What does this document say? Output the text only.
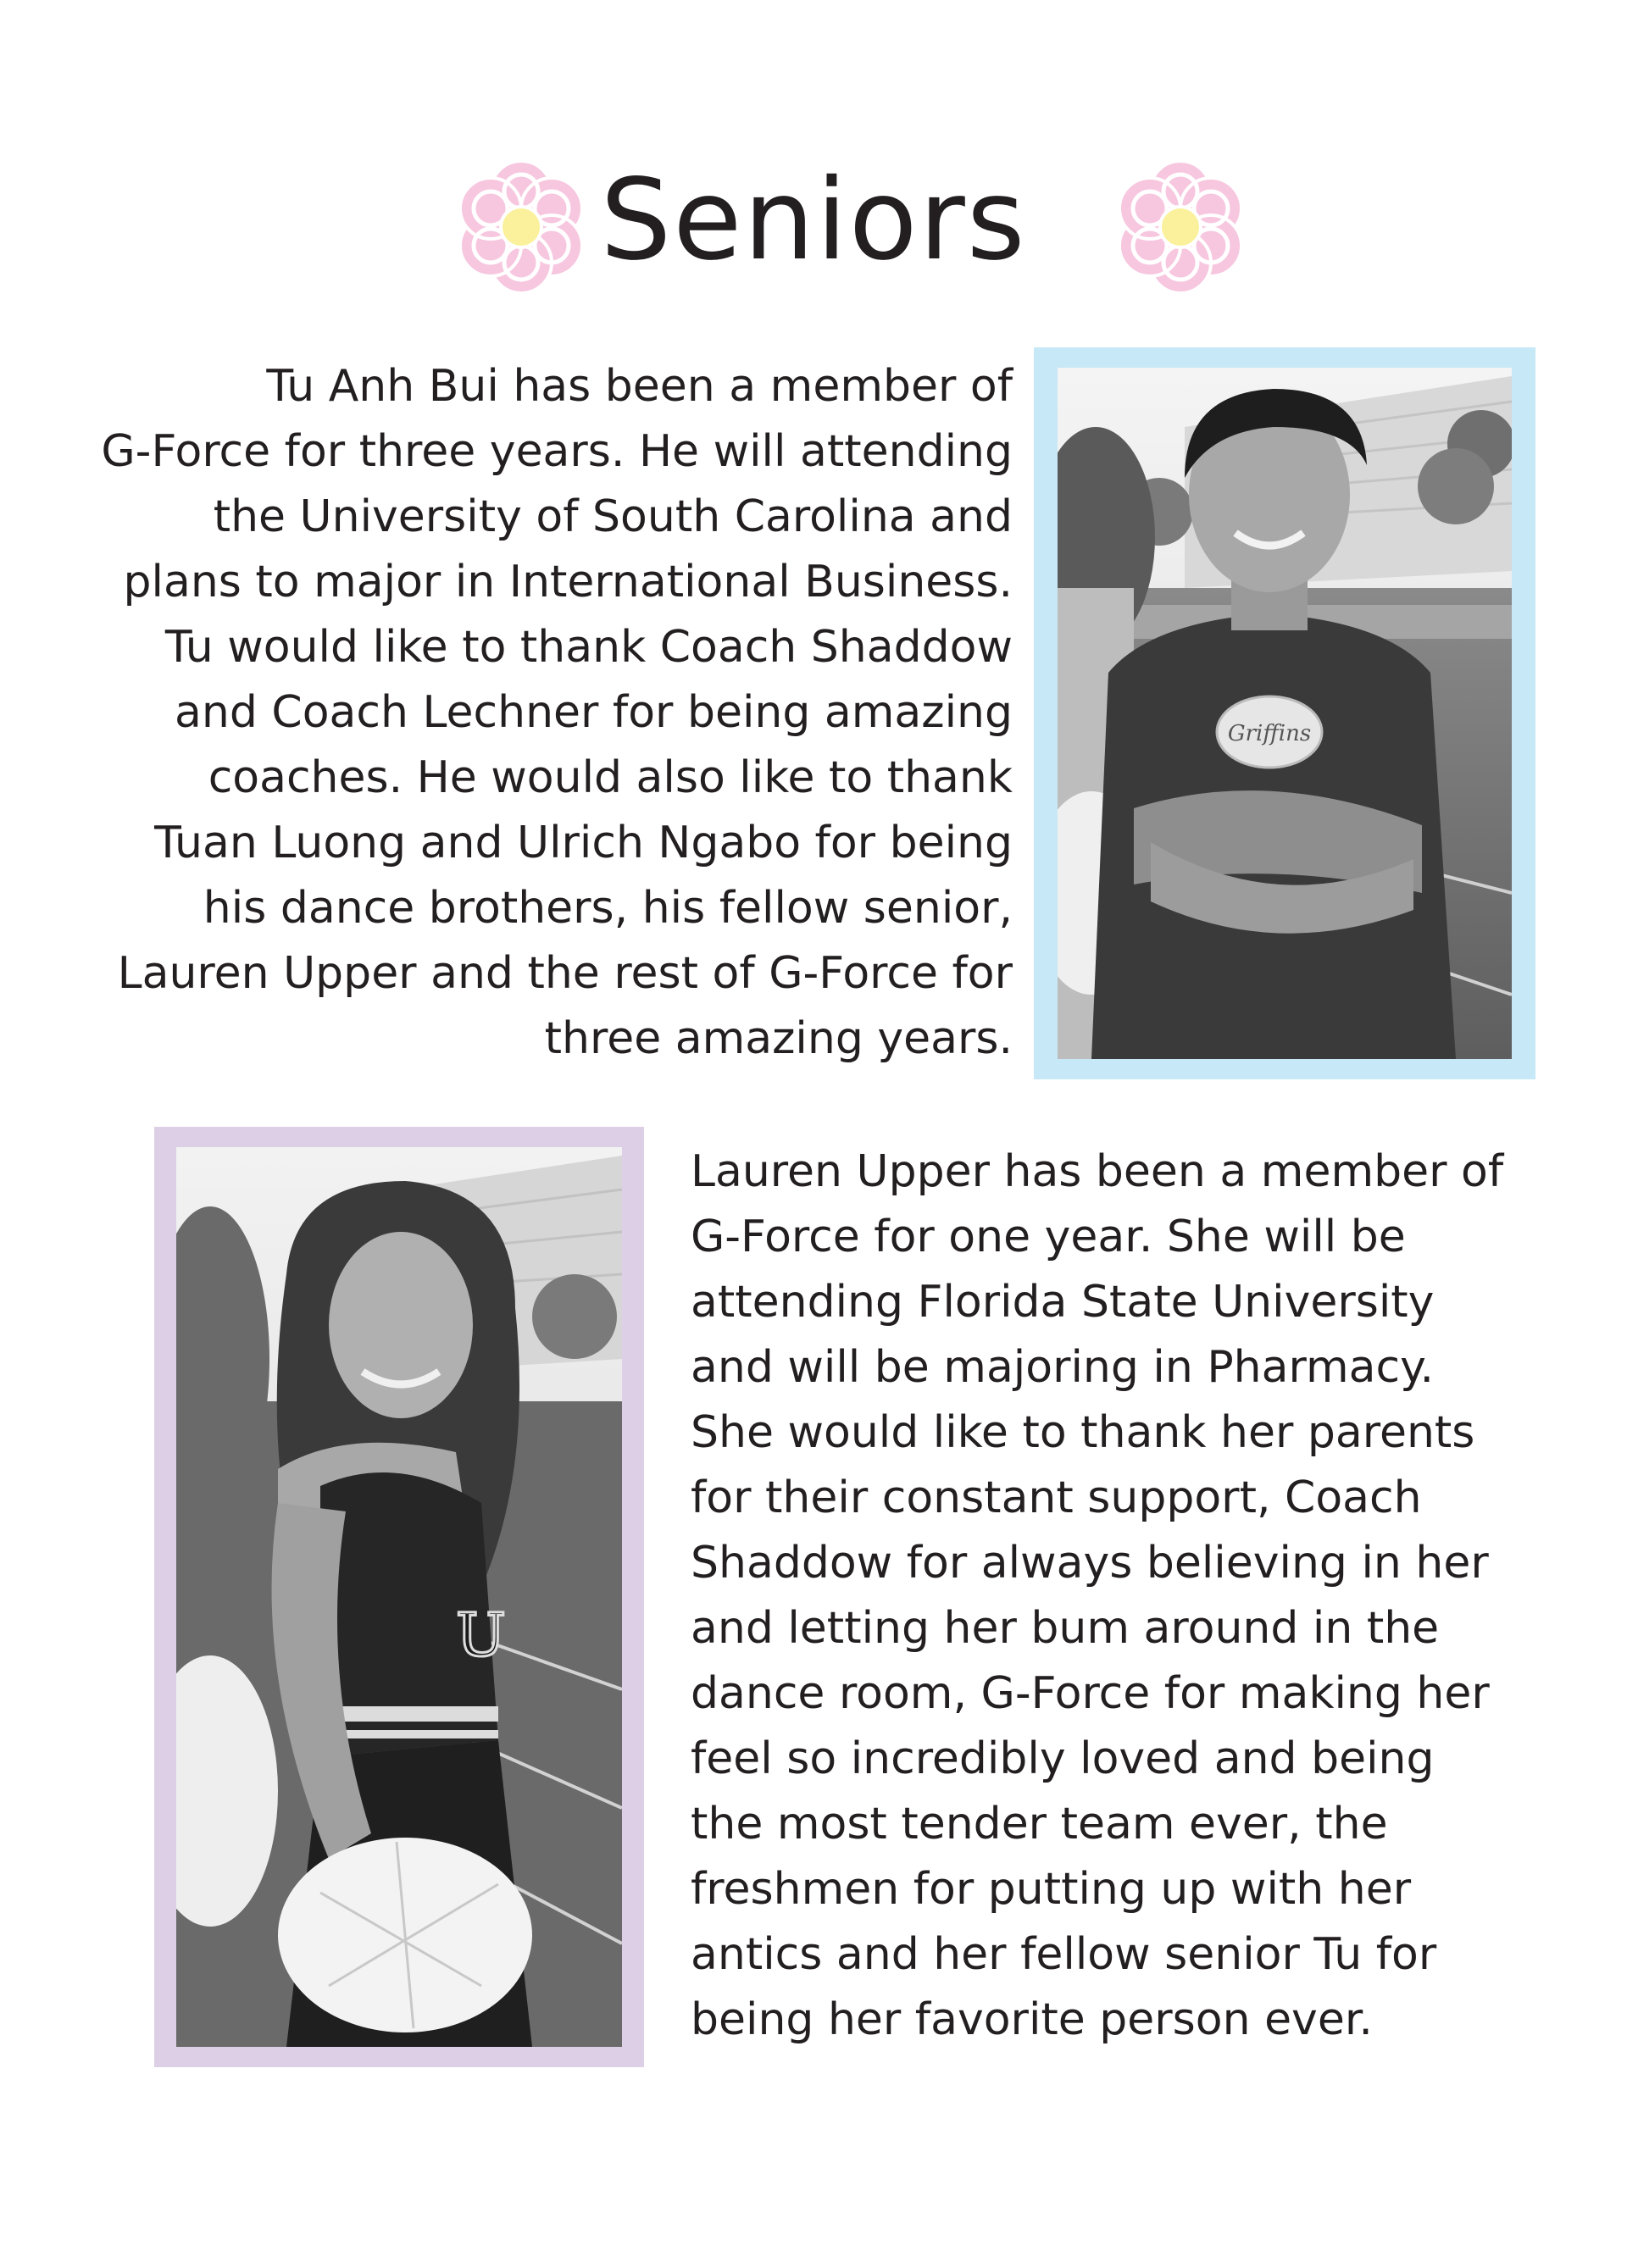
Seniors
Tu Anh Bui has been a member of
G-Force for three years. He will attending
the University of South Carolina and
plans to major in International Business.
Tu would like to thank Coach Shaddow
and Coach Lechner for being amazing
coaches. He would also like to thank
Tuan Luong and Ulrich Ngabo for being
his dance brothers, his fellow senior,
Lauren Upper and the rest of G-Force for
three amazing years.
Griffins
U
Lauren Upper has been a member of
G-Force for one year. She will be
attending Florida State University
and will be majoring in Pharmacy.
She would like to thank her parents
for their constant support, Coach
Shaddow for always believing in her
and letting her bum around in the
dance room, G-Force for making her
feel so incredibly loved and being
the most tender team ever, the
freshmen for putting up with her
antics and her fellow senior Tu for
being her favorite person ever.
